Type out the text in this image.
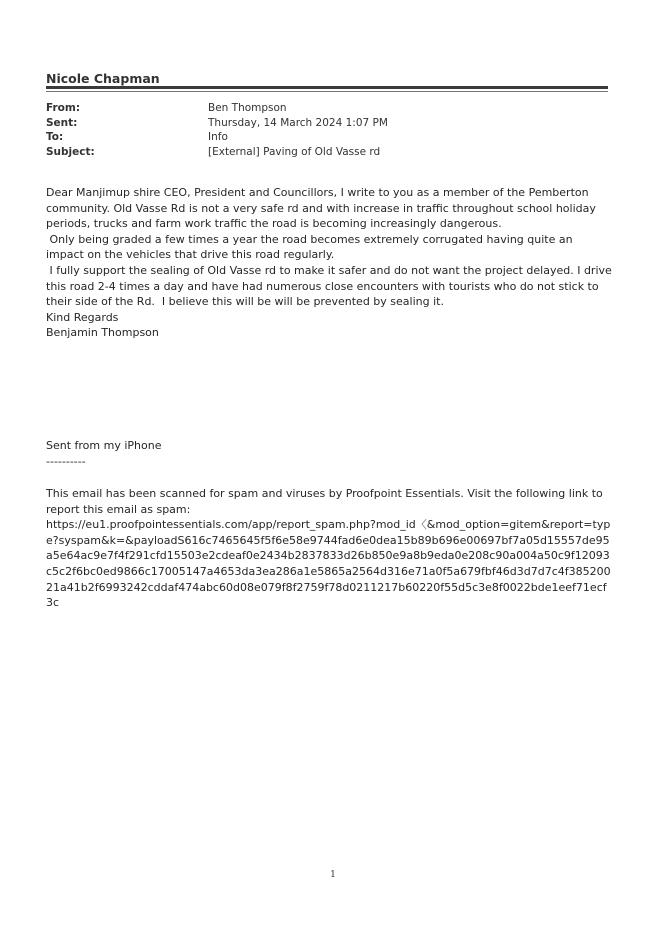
Nicole Chapman
From:	Ben Thompson
Sent:	Thursday, 14 March 2024 1:07 PM
To:	Info
Subject:	[External] Paving of Old Vasse rd

Dear Manjimup shire CEO, President and Councillors, I write to you as a member of the Pemberton community. Old Vasse Rd is not a very safe rd and with increase in traffic throughout school holiday periods, trucks and farm work traffic the road is becoming increasingly dangerous.

Only being graded a few times a year the road becomes extremely corrugated having quite an impact on the vehicles that drive this road regularly.

I fully support the sealing of Old Vasse rd to make it safer and do not want the project delayed. I drive this road 2-4 times a day and have had numerous close encounters with tourists who do not stick to their side of the Rd.  I believe this will be will be prevented by sealing it.

Kind Regards

Benjamin Thompson

Sent from my iPhone

----------

This email has been scanned for spam and viruses by Proofpoint Essentials. Visit the following link to report this email as spam:

https://eu1.proofpointessentials.com/app/report_spam.php?mod_id〈&mod_option=gitem&report=type?syspam&k=&payloadS616c7465645f5f6e58e9744fad6e0dea15b89b696e00697bf7a05d15557de95a5e64ac9e7f4f291cfd15503e2cdeaf0e2434b2837833d26b850e9a8b9eda0e208c90a004a50c9f12093c5c2f6bc0ed9866c17005147a4653da3ea286a1e5865a2564d316e71a0f5a679fbf46d3d7d7c4f38520021a41b2f6993242cddaf474abc60d08e079f8f2759f78d0211217b60220f55d5c3e8f0022bde1eef71ecf3c

1
